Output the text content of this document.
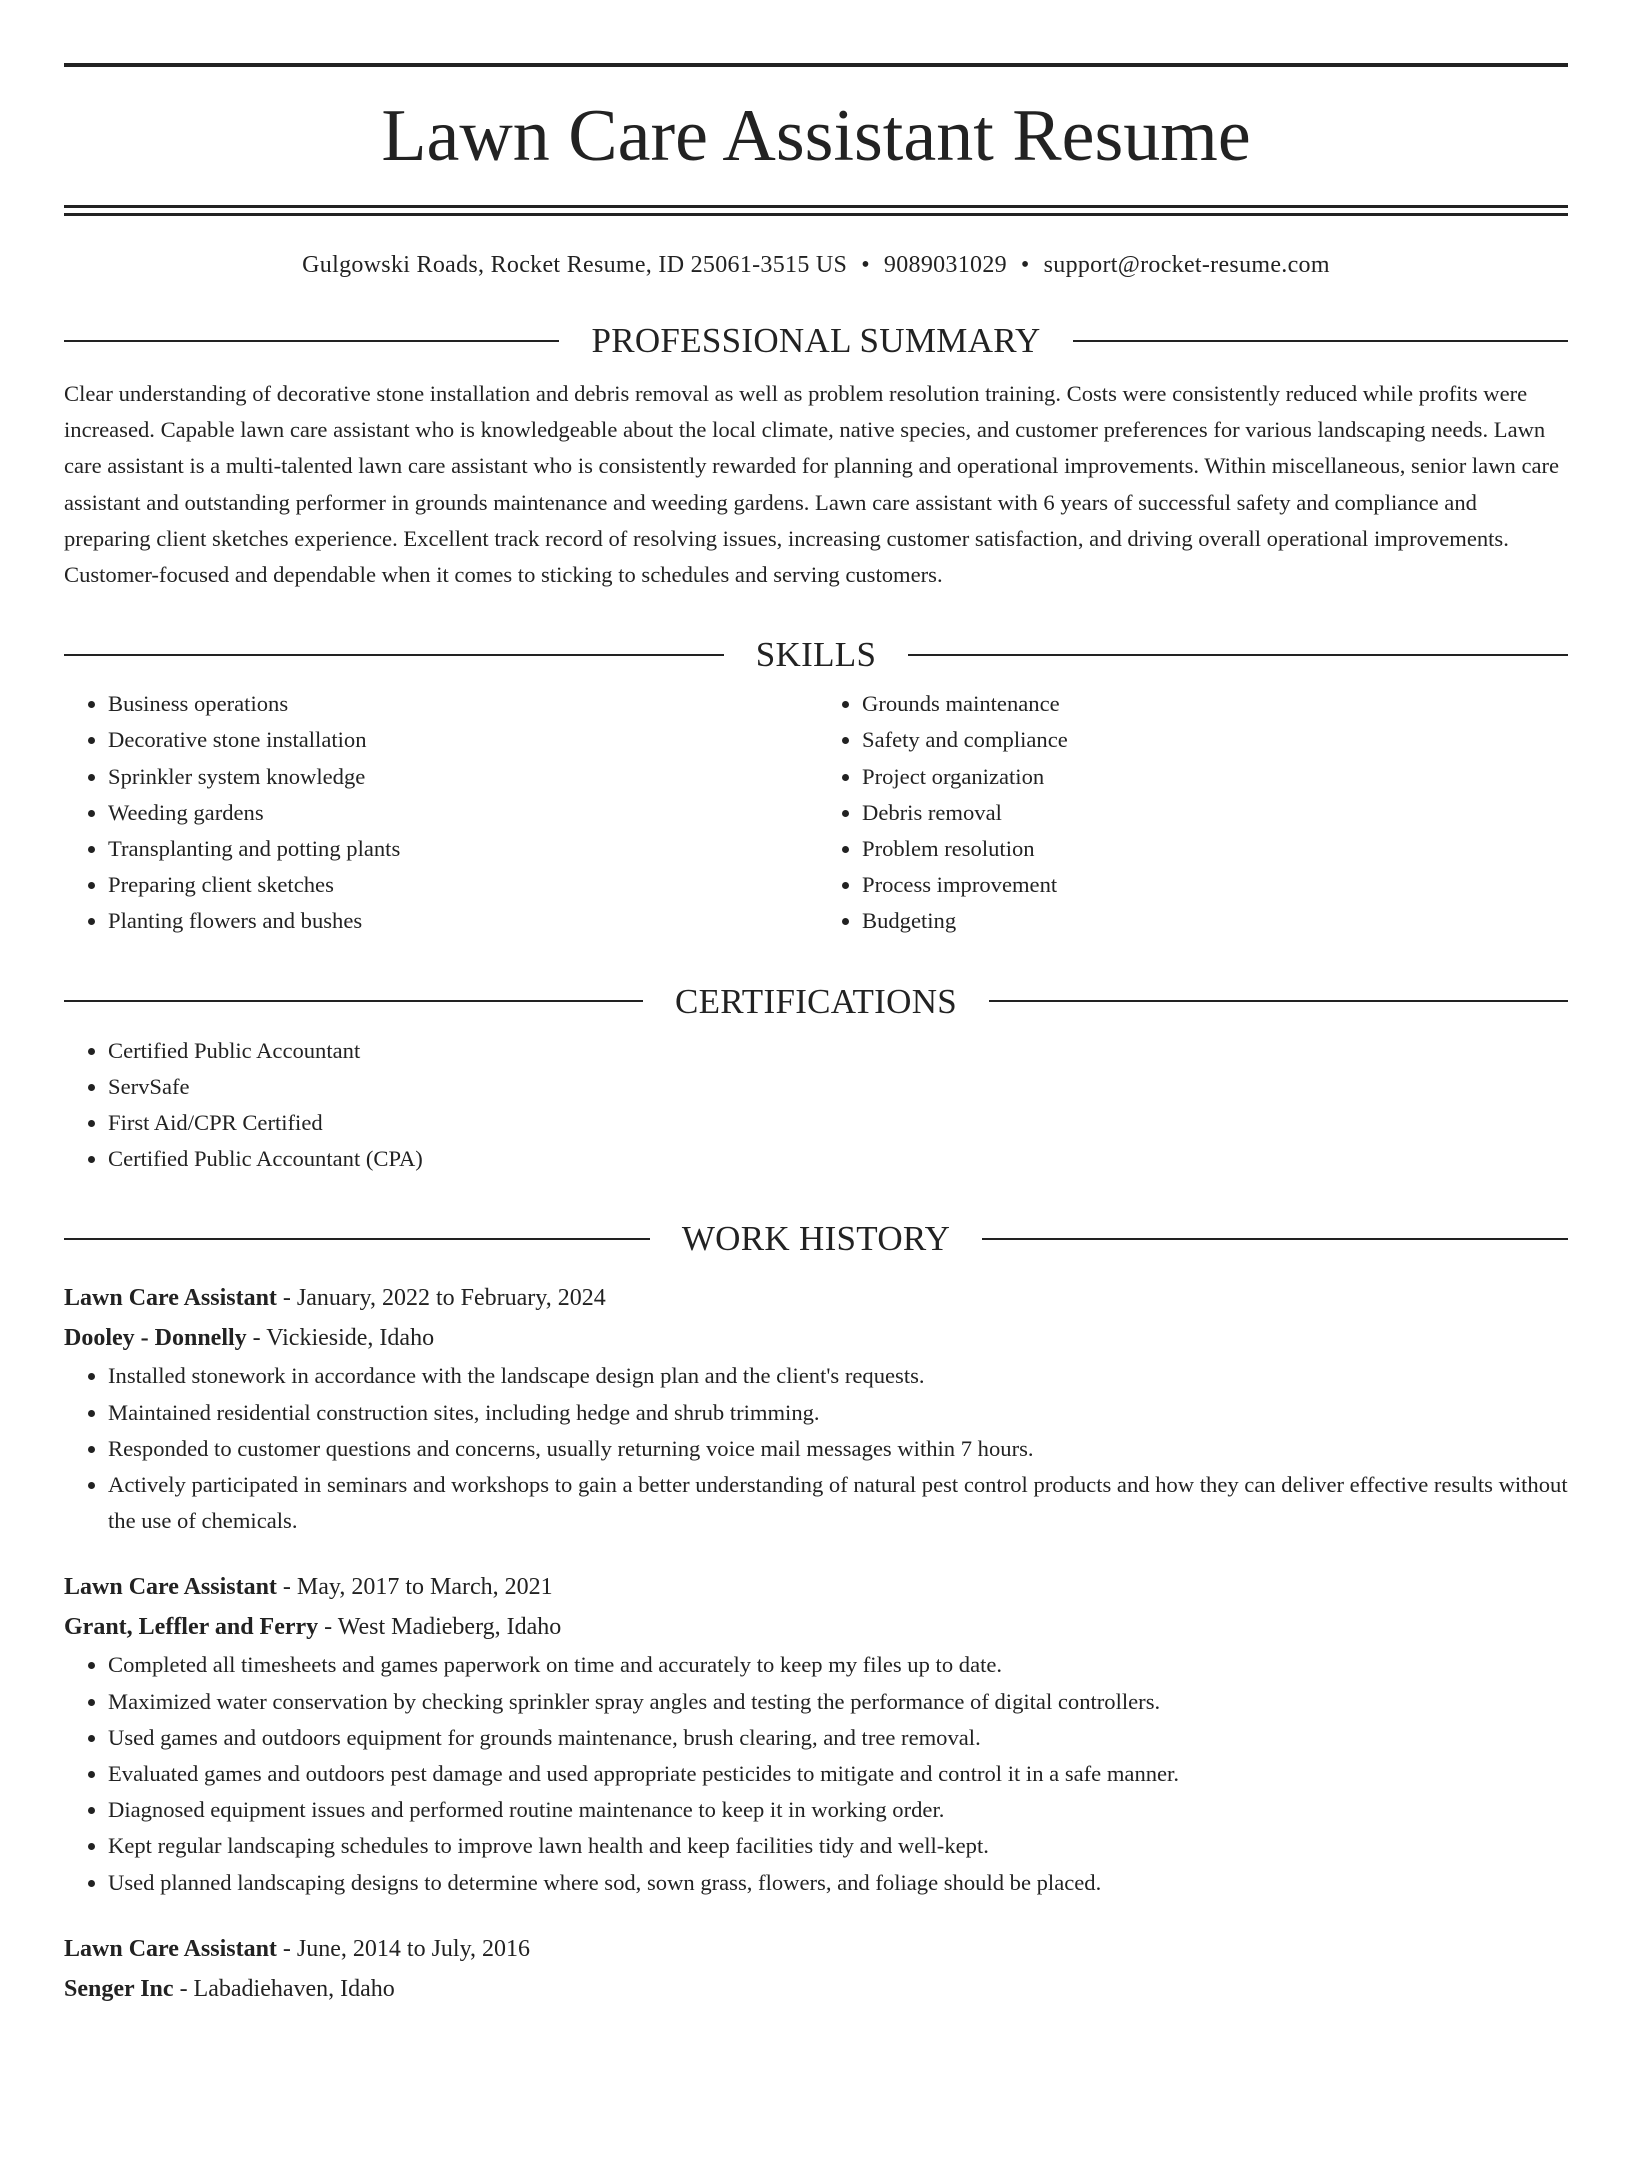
Lawn Care Assistant Resume
Gulgowski Roads, Rocket Resume, ID 25061-3515 US • 9089031029 • support@rocket-resume.com
PROFESSIONAL SUMMARY
Clear understanding of decorative stone installation and debris removal as well as problem resolution training. Costs were consistently reduced while profits were increased. Capable lawn care assistant who is knowledgeable about the local climate, native species, and customer preferences for various landscaping needs. Lawn care assistant is a multi-talented lawn care assistant who is consistently rewarded for planning and operational improvements. Within miscellaneous, senior lawn care assistant and outstanding performer in grounds maintenance and weeding gardens. Lawn care assistant with 6 years of successful safety and compliance and preparing client sketches experience. Excellent track record of resolving issues, increasing customer satisfaction, and driving overall operational improvements. Customer-focused and dependable when it comes to sticking to schedules and serving customers.
SKILLS
• Business operations
• Decorative stone installation
• Sprinkler system knowledge
• Weeding gardens
• Transplanting and potting plants
• Preparing client sketches
• Planting flowers and bushes
• Grounds maintenance
• Safety and compliance
• Project organization
• Debris removal
• Problem resolution
• Process improvement
• Budgeting
CERTIFICATIONS
• Certified Public Accountant
• ServSafe
• First Aid/CPR Certified
• Certified Public Accountant (CPA)
WORK HISTORY
Lawn Care Assistant - January, 2022 to February, 2024
Dooley - Donnelly - Vickieside, Idaho
• Installed stonework in accordance with the landscape design plan and the client's requests.
• Maintained residential construction sites, including hedge and shrub trimming.
• Responded to customer questions and concerns, usually returning voice mail messages within 7 hours.
• Actively participated in seminars and workshops to gain a better understanding of natural pest control products and how they can deliver effective results without the use of chemicals.
Lawn Care Assistant - May, 2017 to March, 2021
Grant, Leffler and Ferry - West Madieberg, Idaho
• Completed all timesheets and games paperwork on time and accurately to keep my files up to date.
• Maximized water conservation by checking sprinkler spray angles and testing the performance of digital controllers.
• Used games and outdoors equipment for grounds maintenance, brush clearing, and tree removal.
• Evaluated games and outdoors pest damage and used appropriate pesticides to mitigate and control it in a safe manner.
• Diagnosed equipment issues and performed routine maintenance to keep it in working order.
• Kept regular landscaping schedules to improve lawn health and keep facilities tidy and well-kept.
• Used planned landscaping designs to determine where sod, sown grass, flowers, and foliage should be placed.
Lawn Care Assistant - June, 2014 to July, 2016
Senger Inc - Labadiehaven, Idaho
